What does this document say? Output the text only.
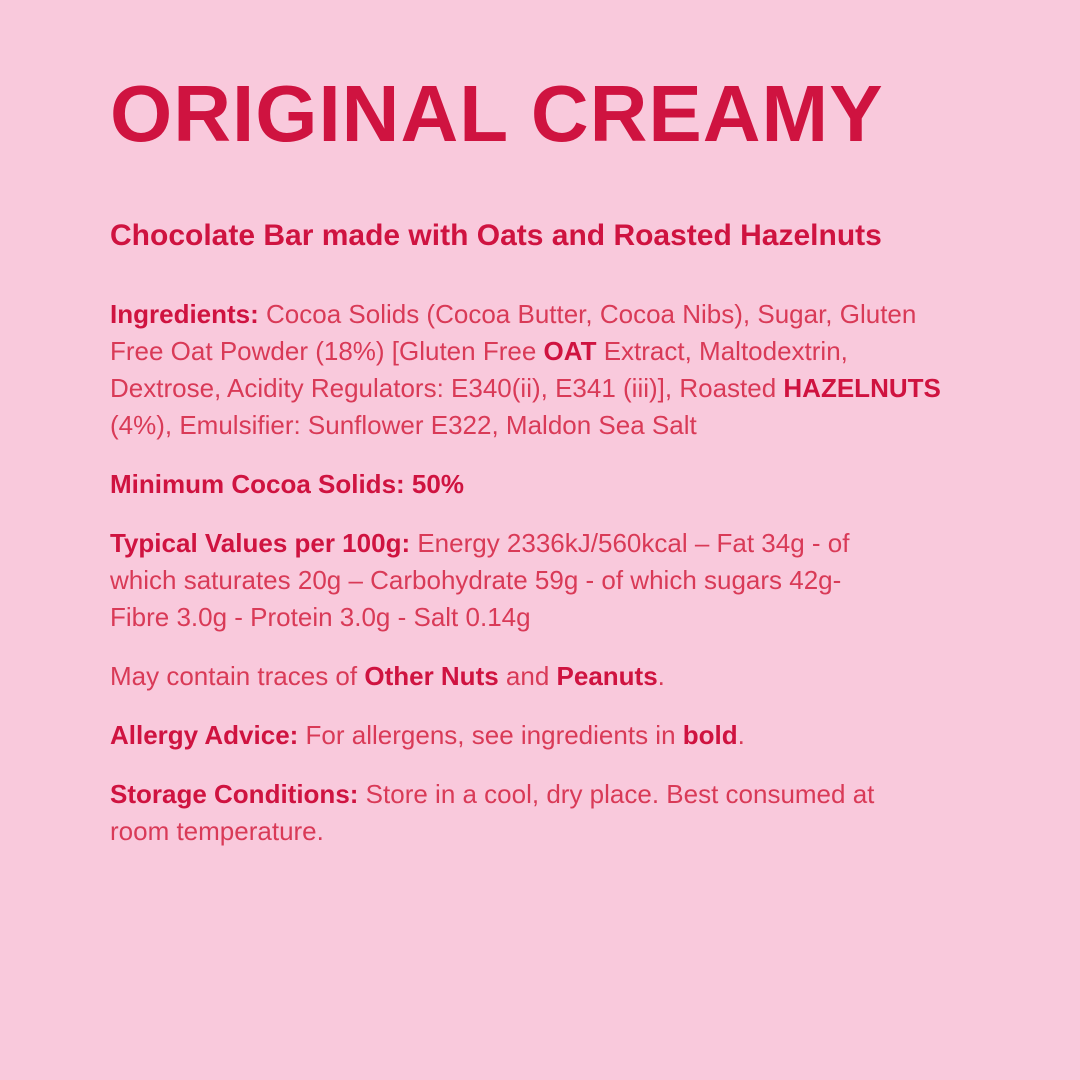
ORIGINAL CREAMY
Chocolate Bar made with Oats and Roasted Hazelnuts

Ingredients: Cocoa Solids (Cocoa Butter, Cocoa Nibs), Sugar, Gluten
Free Oat Powder (18%) [Gluten Free OAT Extract, Maltodextrin,
Dextrose, Acidity Regulators: E340(ii), E341 (iii)], Roasted HAZELNUTS
(4%), Emulsifier: Sunflower E322, Maldon Sea Salt

Minimum Cocoa Solids: 50%

Typical Values per 100g: Energy 2336kJ/560kcal – Fat 34g - of
which saturates 20g – Carbohydrate 59g - of which sugars 42g-
Fibre 3.0g - Protein 3.0g - Salt 0.14g

May contain traces of Other Nuts and Peanuts.

Allergy Advice: For allergens, see ingredients in bold.

Storage Conditions: Store in a cool, dry place. Best consumed at
room temperature.
